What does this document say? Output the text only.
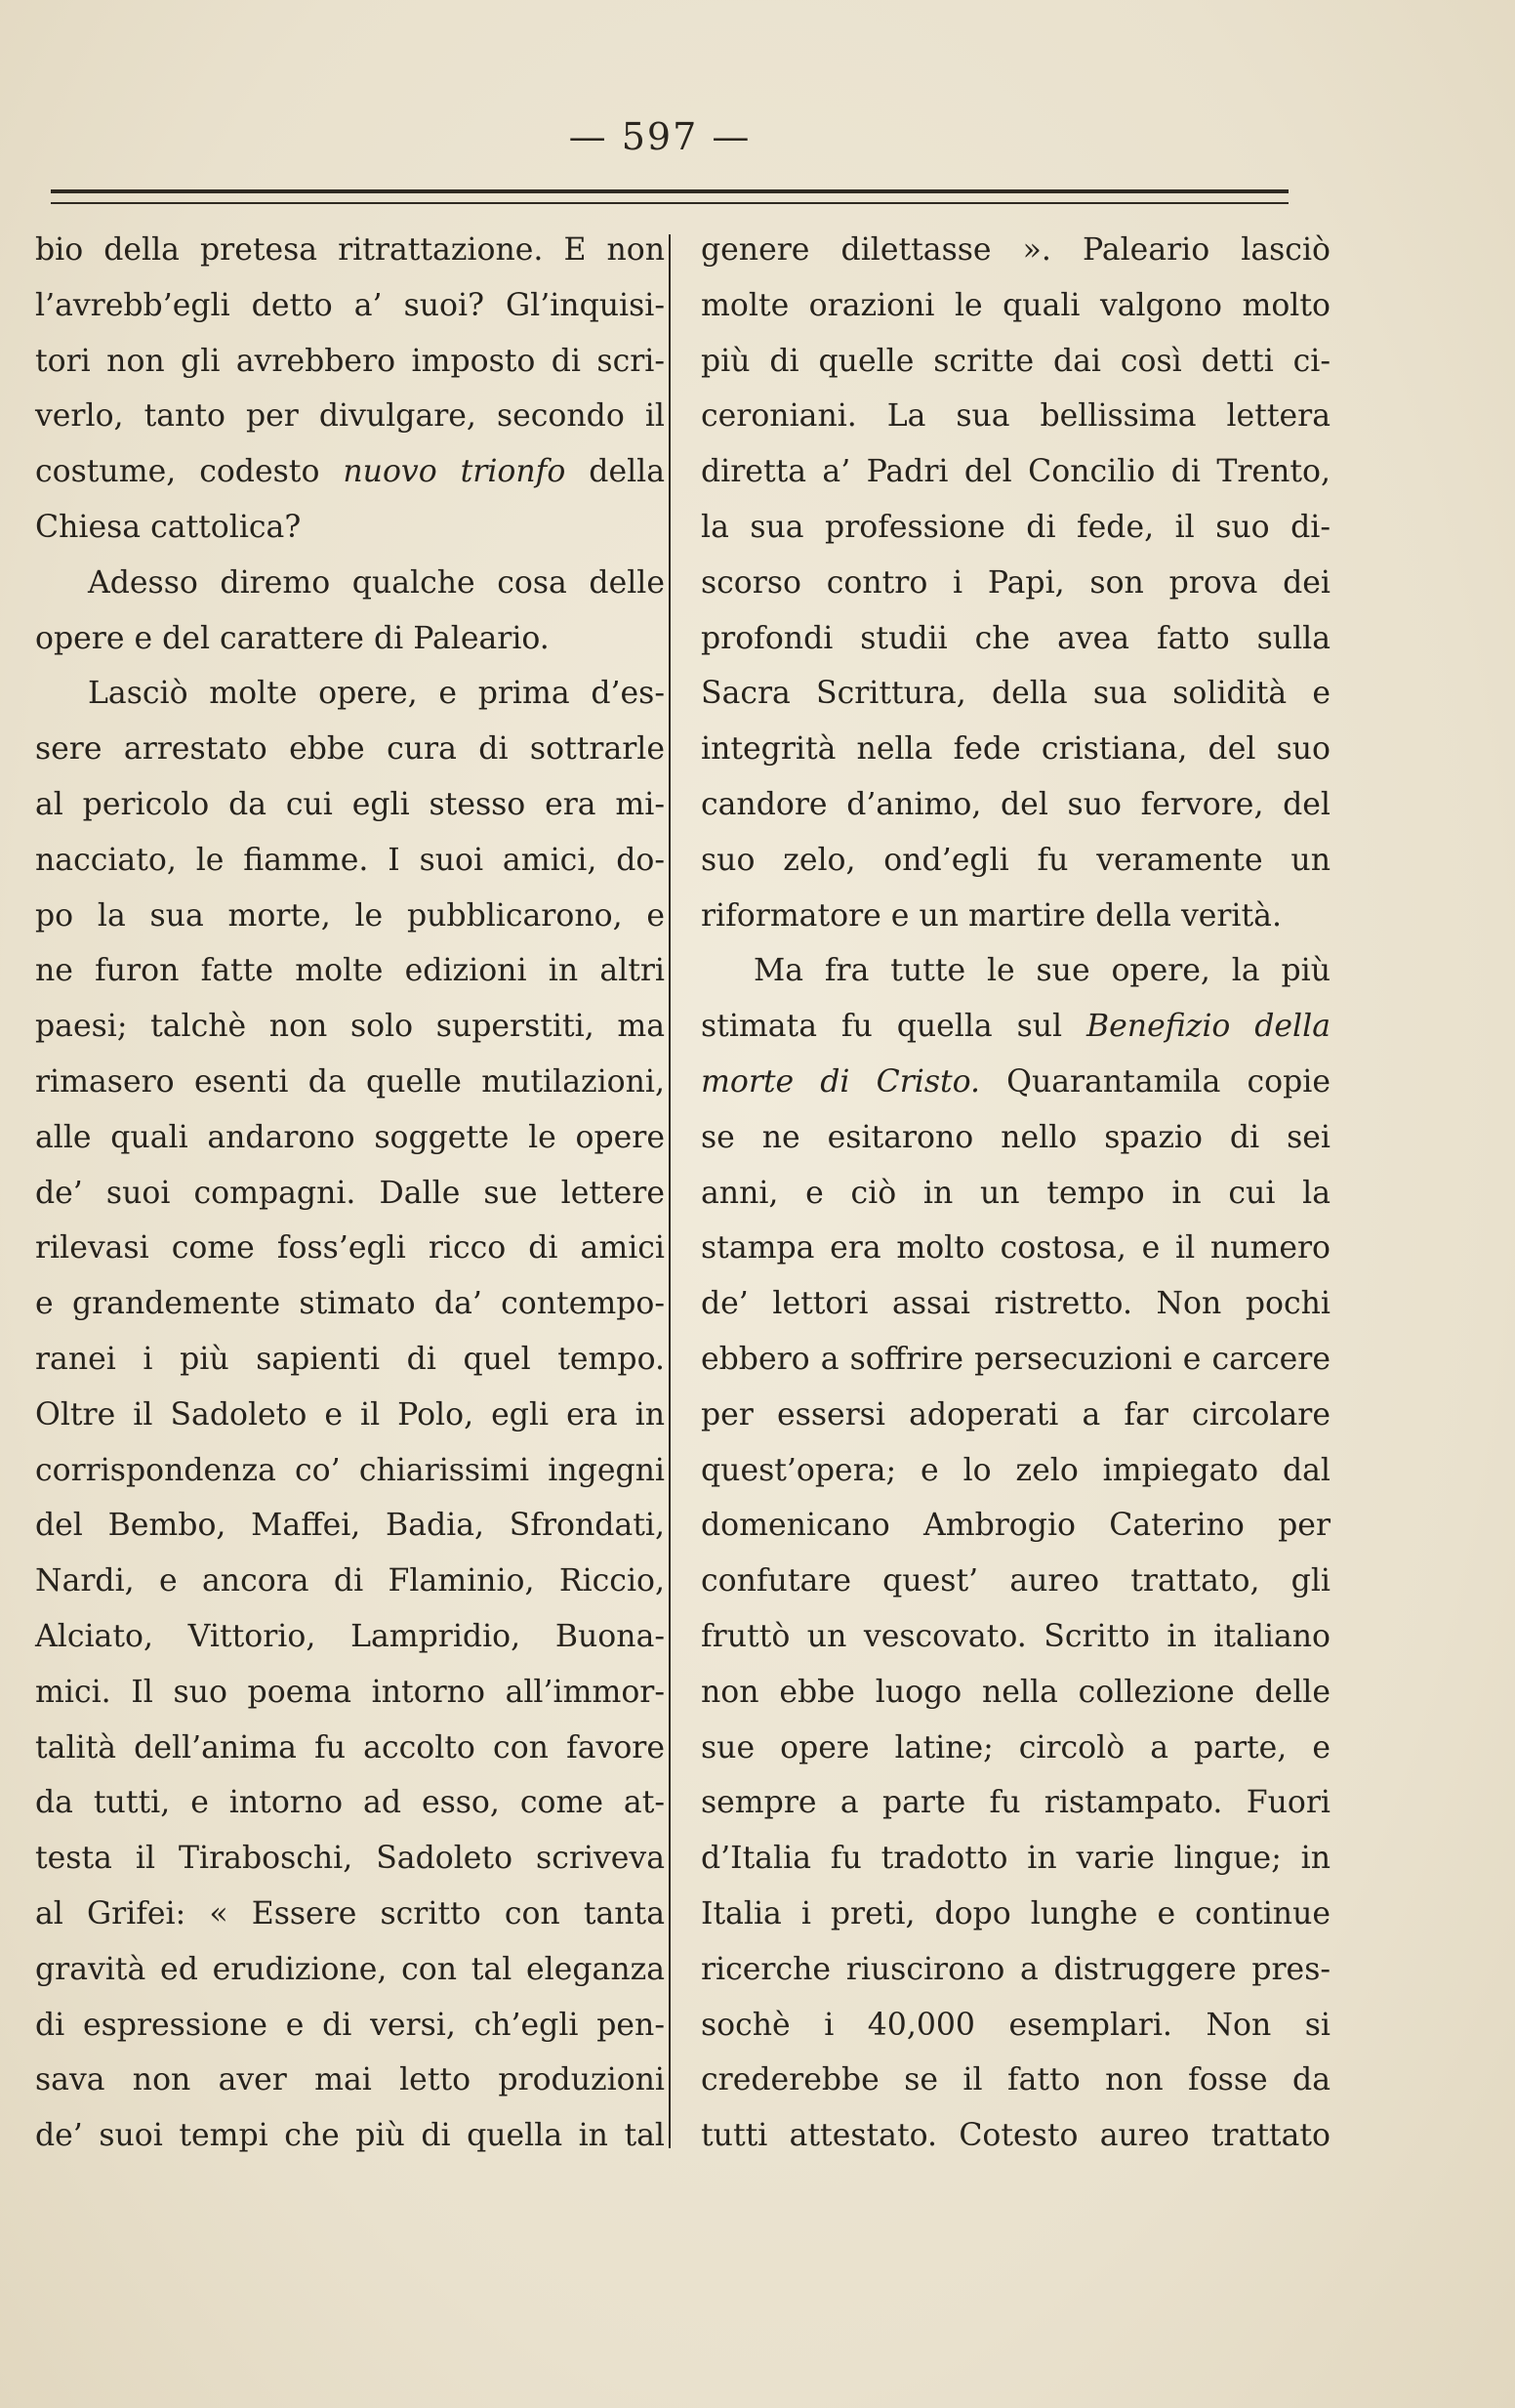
— 597 —
bio della pretesa ritrattazione. E non
l’avrebb’egli detto a’ suoi? Gl’inquisi-
tori non gli avrebbero imposto di scri-
verlo, tanto per divulgare, secondo il
costume, codesto nuovo trionfo della
Chiesa cattolica?
Adesso diremo qualche cosa delle
opere e del carattere di Paleario.
Lasciò molte opere, e prima d’es-
sere arrestato ebbe cura di sottrarle
al pericolo da cui egli stesso era mi-
nacciato, le fiamme. I suoi amici, do-
po la sua morte, le pubblicarono, e
ne furon fatte molte edizioni in altri
paesi; talchè non solo superstiti, ma
rimasero esenti da quelle mutilazioni,
alle quali andarono soggette le opere
de’ suoi compagni. Dalle sue lettere
rilevasi come foss’egli ricco di amici
e grandemente stimato da’ contempo-
ranei i più sapienti di quel tempo.
Oltre il Sadoleto e il Polo, egli era in
corrispondenza co’ chiarissimi ingegni
del Bembo, Maffei, Badia, Sfrondati,
Nardi, e ancora di Flaminio, Riccio,
Alciato, Vittorio, Lampridio, Buona-
mici. Il suo poema intorno all’immor-
talità dell’anima fu accolto con favore
da tutti, e intorno ad esso, come at-
testa il Tiraboschi, Sadoleto scriveva
al Grifei: « Essere scritto con tanta
gravità ed erudizione, con tal eleganza
di espressione e di versi, ch’egli pen-
sava non aver mai letto produzioni
de’ suoi tempi che più di quella in tal
genere dilettasse ». Paleario lasciò
molte orazioni le quali valgono molto
più di quelle scritte dai così detti ci-
ceroniani. La sua bellissima lettera
diretta a’ Padri del Concilio di Trento,
la sua professione di fede, il suo di-
scorso contro i Papi, son prova dei
profondi studii che avea fatto sulla
Sacra Scrittura, della sua solidità e
integrità nella fede cristiana, del suo
candore d’animo, del suo fervore, del
suo zelo, ond’egli fu veramente un
riformatore e un martire della verità.
Ma fra tutte le sue opere, la più
stimata fu quella sul Benefizio della
morte di Cristo. Quarantamila copie
se ne esitarono nello spazio di sei
anni, e ciò in un tempo in cui la
stampa era molto costosa, e il numero
de’ lettori assai ristretto. Non pochi
ebbero a soffrire persecuzioni e carcere
per essersi adoperati a far circolare
quest’opera; e lo zelo impiegato dal
domenicano Ambrogio Caterino per
confutare quest’ aureo trattato, gli
fruttò un vescovato. Scritto in italiano
non ebbe luogo nella collezione delle
sue opere latine; circolò a parte, e
sempre a parte fu ristampato. Fuori
d’Italia fu tradotto in varie lingue; in
Italia i preti, dopo lunghe e continue
ricerche riuscirono a distruggere pres-
sochè i 40,000 esemplari. Non si
crederebbe se il fatto non fosse da
tutti attestato. Cotesto aureo trattato
